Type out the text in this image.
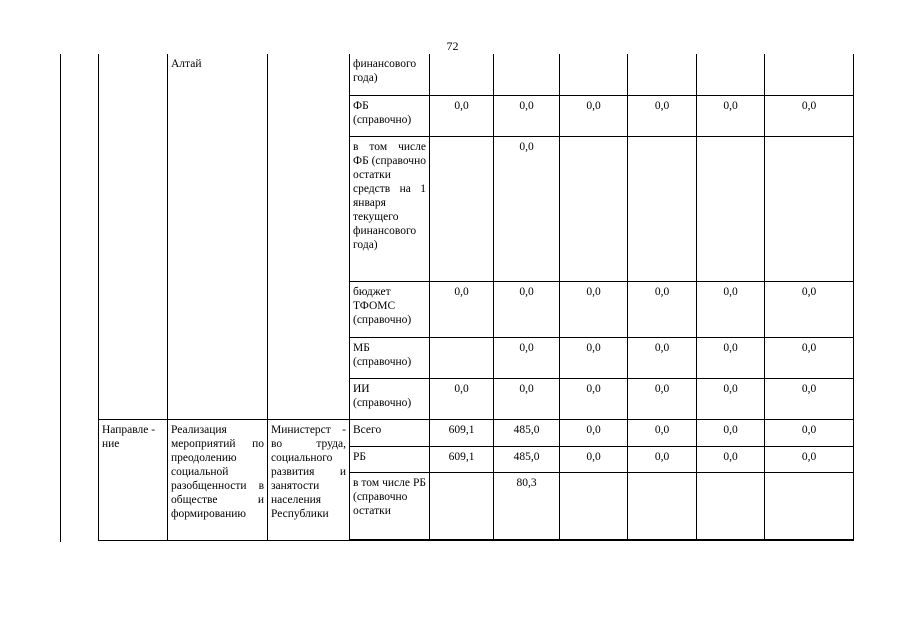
72
	Алтай		финансового года)						
			ФБ (справочно)	0,0	0,0	0,0	0,0	0,0	0,0
			в том числе ФБ (справочно остатки средств на 1 января текущего финансового года)		0,0				
			бюджет ТФОМС (справочно)	0,0	0,0	0,0	0,0	0,0	0,0
			МБ (справочно)		0,0	0,0	0,0	0,0	0,0
			ИИ (справочно)	0,0	0,0	0,0	0,0	0,0	0,0
Направле - ние	Реализация мероприятий по преодолению социальной разобщенности в обществе и формированию	Министерст - во труда, социального развития и занятости населения Республики	Всего	609,1	485,0	0,0	0,0	0,0	0,0
			РБ	609,1	485,0	0,0	0,0	0,0	0,0
			в том числе РБ (справочно остатки		80,3				
